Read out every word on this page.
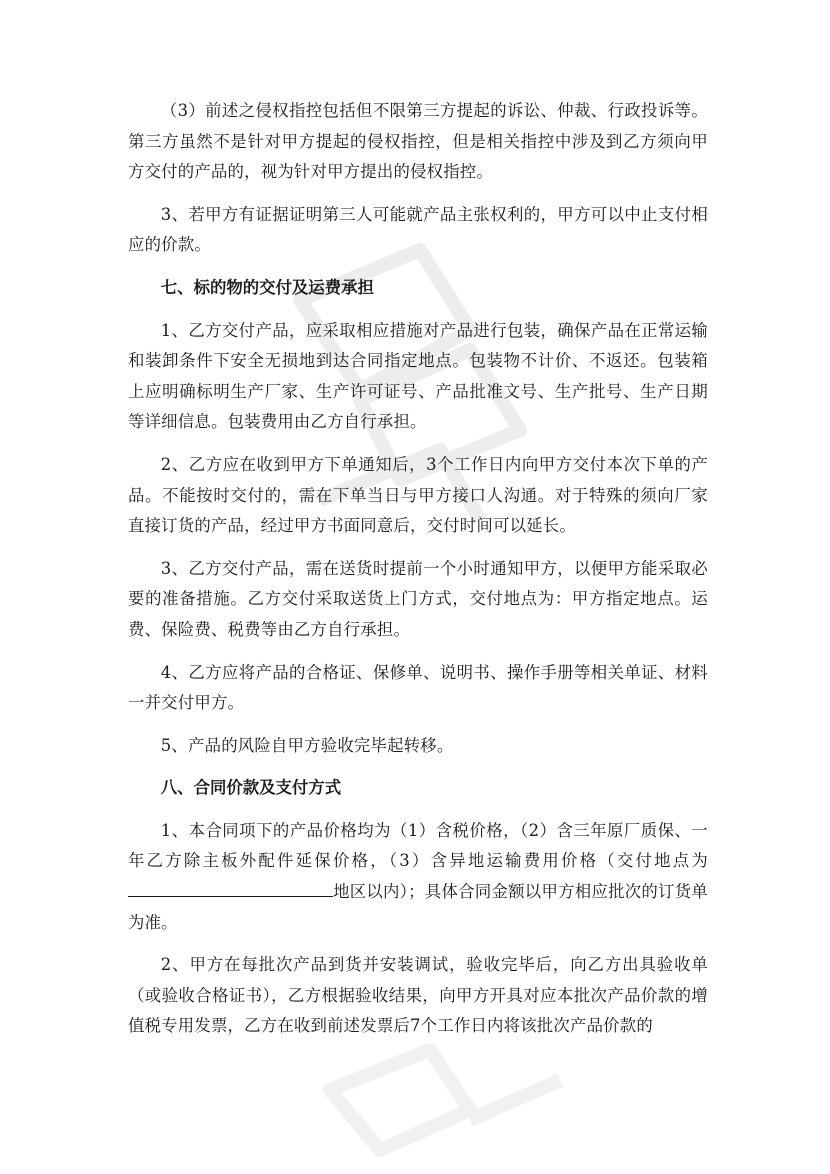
（3）前述之侵权指控包括但不限第三方提起的诉讼、仲裁、行政投诉等。第三方虽然不是针对甲方提起的侵权指控，但是相关指控中涉及到乙方须向甲方交付的产品的，视为针对甲方提出的侵权指控。

3、若甲方有证据证明第三人可能就产品主张权利的，甲方可以中止支付相应的价款。

七、标的物的交付及运费承担

1、乙方交付产品，应采取相应措施对产品进行包装，确保产品在正常运输和装卸条件下安全无损地到达合同指定地点。包装物不计价、不返还。包装箱上应明确标明生产厂家、生产许可证号、产品批准文号、生产批号、生产日期等详细信息。包装费用由乙方自行承担。

2、乙方应在收到甲方下单通知后，3个工作日内向甲方交付本次下单的产品。不能按时交付的，需在下单当日与甲方接口人沟通。对于特殊的须向厂家直接订货的产品，经过甲方书面同意后，交付时间可以延长。

3、乙方交付产品，需在送货时提前一个小时通知甲方，以便甲方能采取必要的准备措施。乙方交付采取送货上门方式，交付地点为：甲方指定地点。运费、保险费、税费等由乙方自行承担。

4、乙方应将产品的合格证、保修单、说明书、操作手册等相关单证、材料一并交付甲方。

5、产品的风险自甲方验收完毕起转移。

八、合同价款及支付方式

1、本合同项下的产品价格均为（1）含税价格，（2）含三年原厂质保、一年乙方除主板外配件延保价格，（3）含异地运输费用价格（交付地点为地区以内）；具体合同金额以甲方相应批次的订货单为准。

2、甲方在每批次产品到货并安装调试，验收完毕后，向乙方出具验收单（或验收合格证书），乙方根据验收结果，向甲方开具对应本批次产品价款的增值税专用发票，乙方在收到前述发票后7个工作日内将该批次产品价款的
